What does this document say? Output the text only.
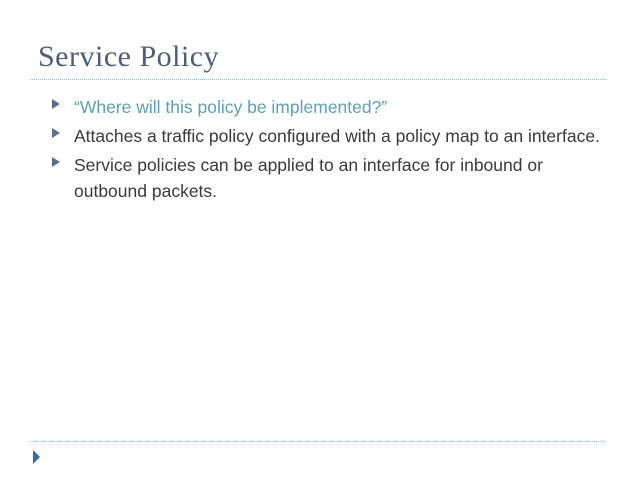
Service Policy
“Where will this policy be implemented?”
Attaches a traffic policy configured with a policy map to an interface.
Service policies can be applied to an interface for inbound or outbound packets.
